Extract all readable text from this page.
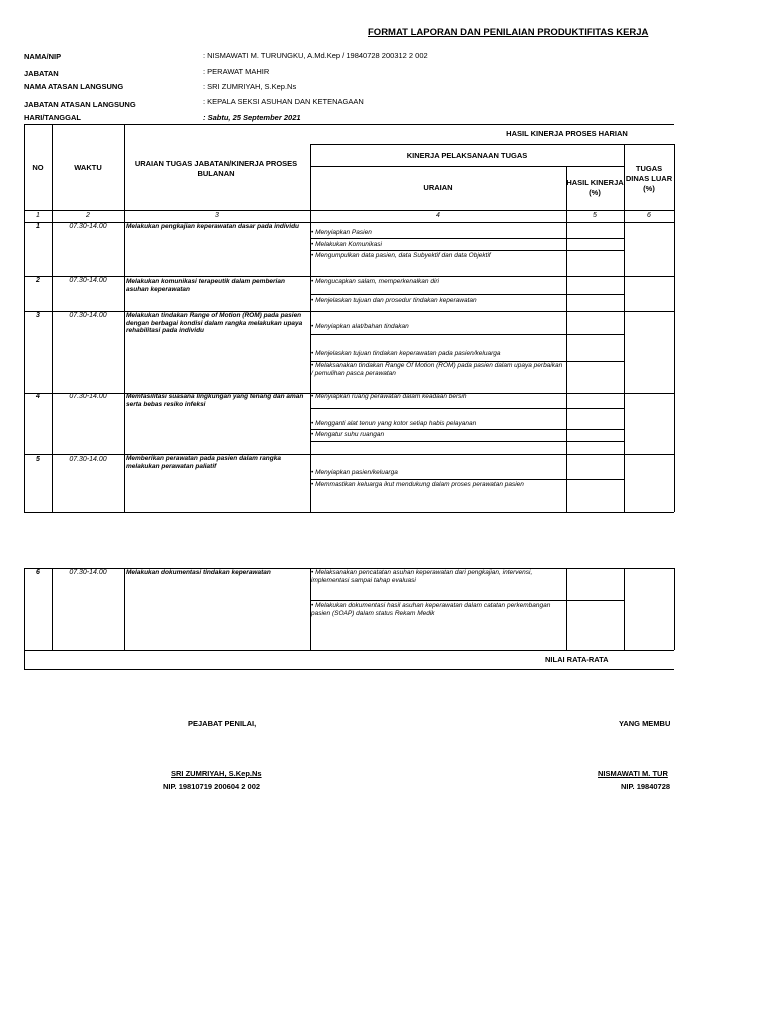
FORMAT LAPORAN DAN PENILAIAN PRODUKTIFITAS KERJA
NAMA/NIP	: NISMAWATI M. TURUNGKU, A.Md.Kep / 19840728 200312 2 002
JABATAN	: PERAWAT MAHIR
NAMA ATASAN LANGSUNG	: SRI ZUMRIYAH, S.Kep.Ns
JABATAN ATASAN LANGSUNG	: KEPALA SEKSI ASUHAN DAN KETENAGAAN
HARI/TANGGAL	: Sabtu, 25 September 2021
HASIL KINERJA PROSES HARIAN
NO	WAKTU	URAIAN TUGAS JABATAN/KINERJA PROSES BULANAN
KINERJA PELAKSANAAN TUGAS
URAIAN
HASIL KINERJA (%)
TUGAS DINAS LUAR (%)
1	2	3	4	5	6
1	07.30-14.00	Melakukan pengkajian keperawatan dasar pada individu
• Menyiapkan Pasien
• Melakukan Komunikasi
• Mengumpulkan data pasien, data Subyektif dan data Objektif
2	07.30-14.00	Melakukan komunikasi terapeutik dalam pemberian asuhan keperawatan
• Mengucapkan salam, memperkenalkan diri
• Menjelaskan tujuan dan prosedur tindakan keperawatan
3	07.30-14.00	Melakukan tindakan Range of Motion (ROM) pada pasien dengan berbagai kondisi dalam rangka melakukan upaya rehabilitasi pada individu
• Menyiapkan alat/bahan tindakan
• Menjelaskan tujuan tindakan keperawatan pada pasien/keluarga
• Melaksanakan tindakan Range Of Motion (ROM) pada pasien dalam upaya perbaikan / pemulihan pasca perawatan
4	07.30-14.00	Memfasilitasi suasana lingkungan yang tenang dan aman serta bebas resiko infeksi
• Menyiapkan ruang perawatan dalam keadaan bersih
• Mengganti alat tenun yang kotor setiap habis pelayanan
• Mengatur suhu ruangan
5	07.30-14.00	Memberikan perawatan pada pasien dalam rangka melakukan perawatan paliatif
• Menyiapkan pasien/keluarga
• Memmastikan keluarga ikut mendukung dalam proses perawatan pasien
6	07.30-14.00	Melakukan dokumentasi tindakan keperawatan	• Melaksanakan pencatatan asuhan keperawatan dari pengkajian, intervensi, implementasi sampai tahap evaluasi
• Melakukan dokumentasi hasil asuhan keperawatan dalam catatan perkembangan pasien (SOAP) dalam status Rekam Medik
NILAI RATA-RATA
PEJABAT PENILAI,
SRI ZUMRIYAH, S.Kep.Ns
NIP. 19810719 200604 2 002
YANG MEMBU
NISMAWATI M. TUR
NIP. 19840728
